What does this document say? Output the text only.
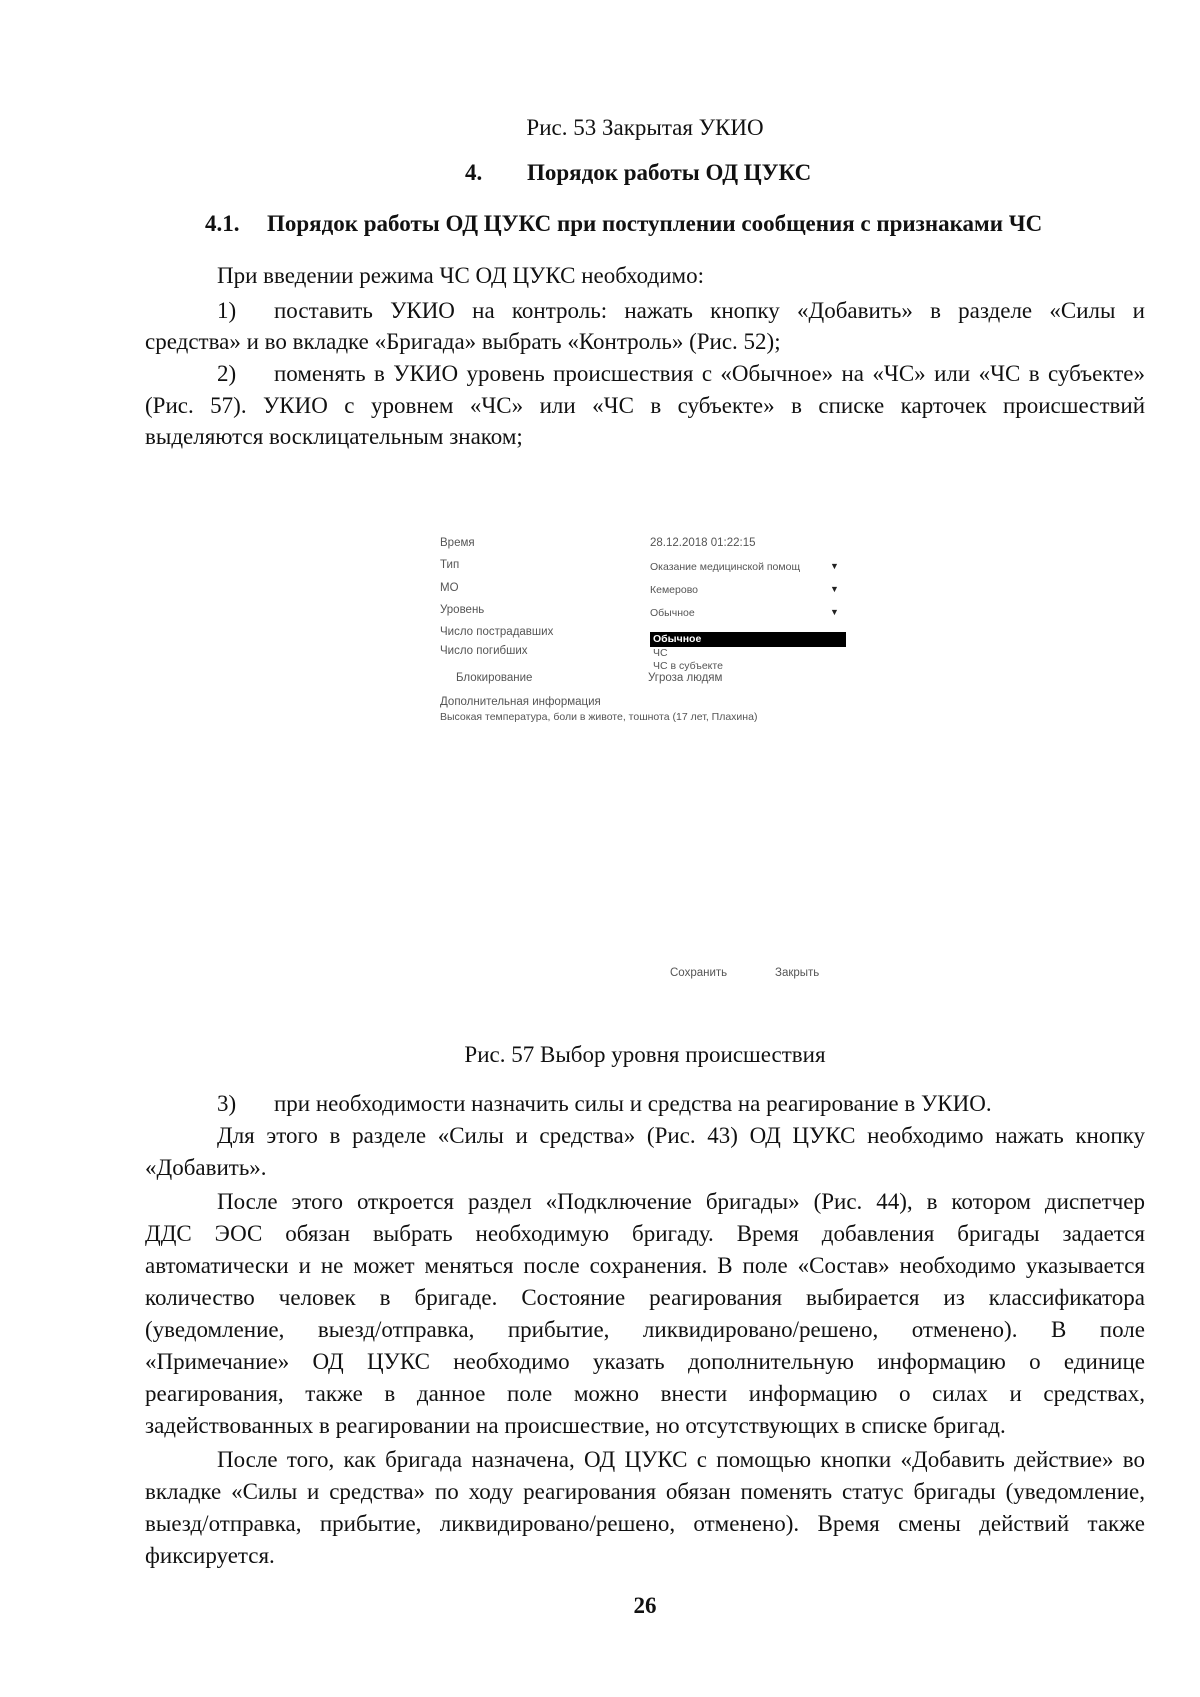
Рис. 53 Закрытая УКИО
4. Порядок работы ОД ЦУКС
4.1. Порядок работы ОД ЦУКС при поступлении сообщения с признаками ЧС
При введении режима ЧС ОД ЦУКС необходимо:
1) поставить УКИО на контроль: нажать кнопку «Добавить» в разделе «Силы и
средства» и во вкладке «Бригада» выбрать «Контроль» (Рис. 52);
2) поменять в УКИО уровень происшествия с «Обычное» на «ЧС» или «ЧС в субъекте»
(Рис. 57). УКИО с уровнем «ЧС» или «ЧС в субъекте» в списке карточек происшествий
выделяются восклицательным знаком;
Время	28.12.2018 01:22:15
Тип	Оказание медицинской помощ	▼
МО	Кемерово	▼
Уровень	Обычное	▼
Число пострадавших
Число погибших
Обычное
ЧС
ЧС в субъекте
Блокирование	Угроза людям
Дополнительная информация
Высокая температура, боли в животе, тошнота (17 лет, Плахина)
Сохранить	Закрыть
Рис. 57 Выбор уровня происшествия
3) при необходимости назначить силы и средства на реагирование в УКИО.
Для этого в разделе «Силы и средства» (Рис. 43) ОД ЦУКС необходимо нажать кнопку
«Добавить».
После этого откроется раздел «Подключение бригады» (Рис. 44), в котором диспетчер
ДДС ЭОС обязан выбрать необходимую бригаду. Время добавления бригады задается
автоматически и не может меняться после сохранения. В поле «Состав» необходимо указывается
количество человек в бригаде. Состояние реагирования выбирается из классификатора
(уведомление, выезд/отправка, прибытие, ликвидировано/решено, отменено). В поле
«Примечание» ОД ЦУКС необходимо указать дополнительную информацию о единице
реагирования, также в данное поле можно внести информацию о силах и средствах,
задействованных в реагировании на происшествие, но отсутствующих в списке бригад.
После того, как бригада назначена, ОД ЦУКС с помощью кнопки «Добавить действие» во
вкладке «Силы и средства» по ходу реагирования обязан поменять статус бригады (уведомление,
выезд/отправка, прибытие, ликвидировано/решено, отменено). Время смены действий также
фиксируется.
26
